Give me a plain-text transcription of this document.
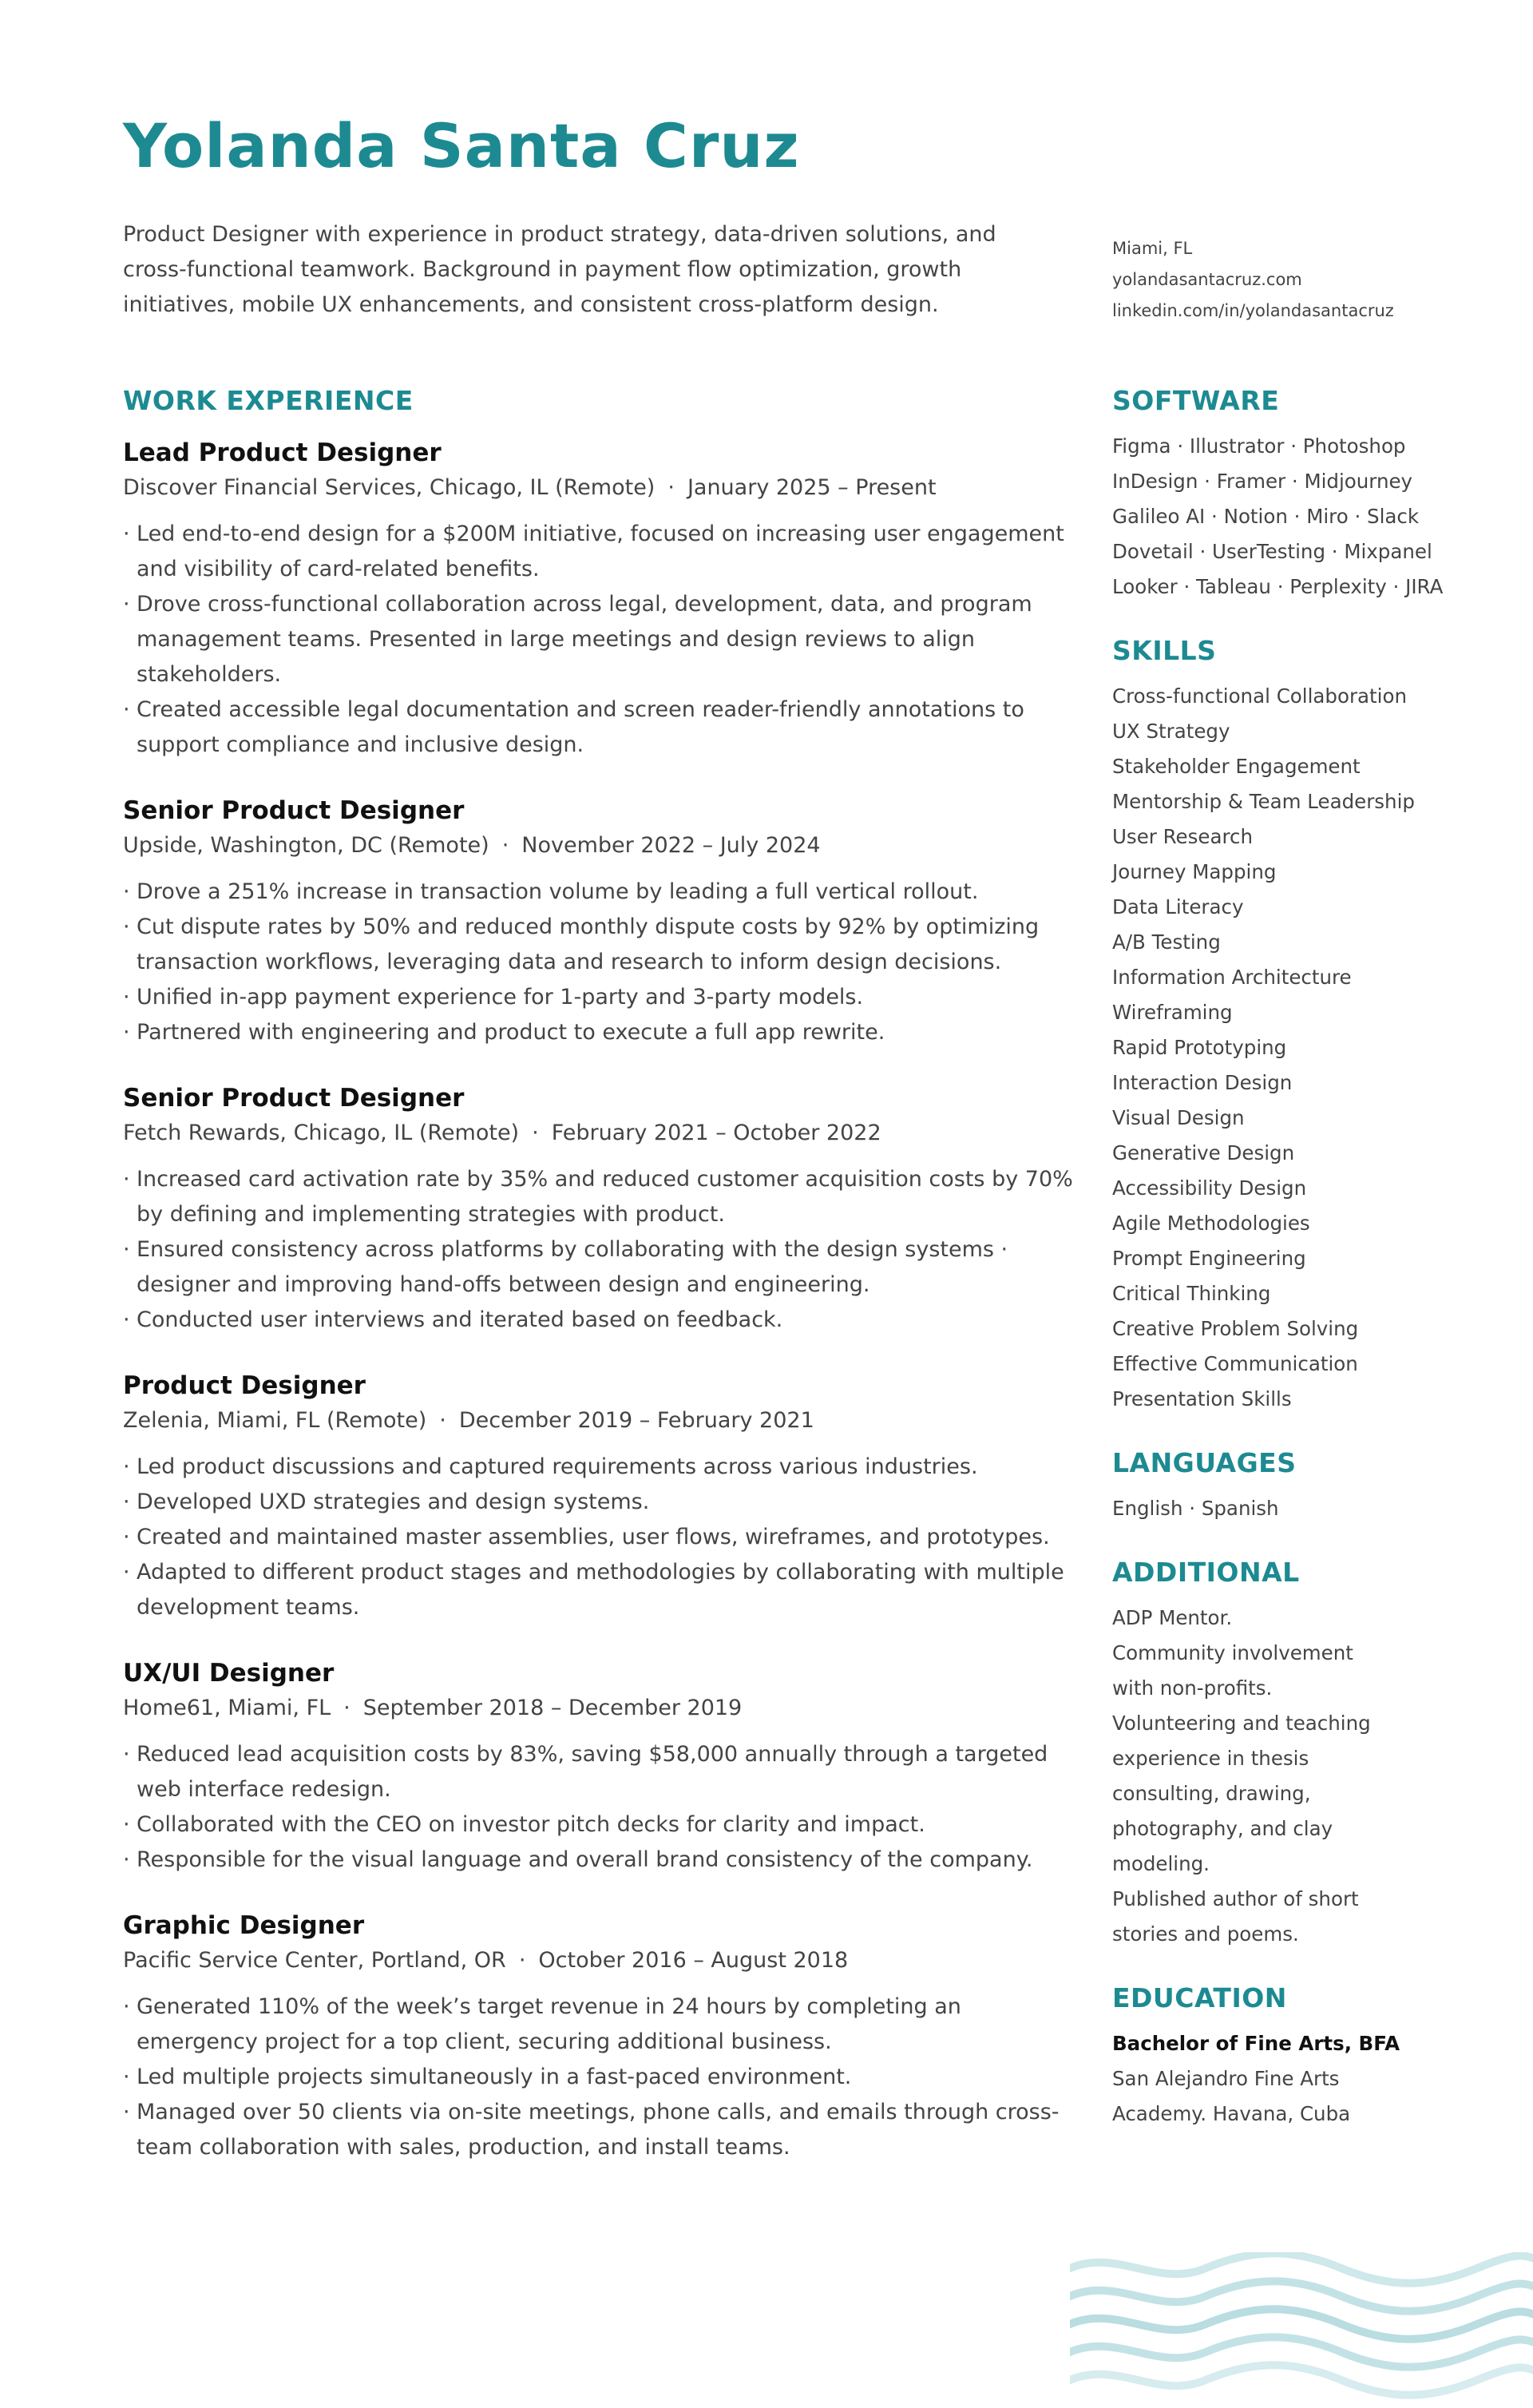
Yolanda Santa Cruz
Product Designer with experience in product strategy, data-driven solutions, and cross-functional teamwork. Background in payment flow optimization, growth initiatives, mobile UX enhancements, and consistent cross-platform design.
Miami, FL
yolandasantacruz.com
linkedin.com/in/yolandasantacruz
WORK EXPERIENCE
Lead Product Designer
Discover Financial Services, Chicago, IL (Remote) · January 2025 – Present
· Led end-to-end design for a $200M initiative, focused on increasing user engagement and visibility of card-related benefits.
· Drove cross-functional collaboration across legal, development, data, and program management teams. Presented in large meetings and design reviews to align stakeholders.
· Created accessible legal documentation and screen reader-friendly annotations to support compliance and inclusive design.
Senior Product Designer
Upside, Washington, DC (Remote) · November 2022 – July 2024
· Drove a 251% increase in transaction volume by leading a full vertical rollout.
· Cut dispute rates by 50% and reduced monthly dispute costs by 92% by optimizing transaction workflows, leveraging data and research to inform design decisions.
· Unified in-app payment experience for 1-party and 3-party models.
· Partnered with engineering and product to execute a full app rewrite.
Senior Product Designer
Fetch Rewards, Chicago, IL (Remote) · February 2021 – October 2022
· Increased card activation rate by 35% and reduced customer acquisition costs by 70% by defining and implementing strategies with product.
· Ensured consistency across platforms by collaborating with the design systems · designer and improving hand-offs between design and engineering.
· Conducted user interviews and iterated based on feedback.
Product Designer
Zelenia, Miami, FL (Remote) · December 2019 – February 2021
· Led product discussions and captured requirements across various industries.
· Developed UXD strategies and design systems.
· Created and maintained master assemblies, user flows, wireframes, and prototypes.
· Adapted to different product stages and methodologies by collaborating with multiple development teams.
UX/UI Designer
Home61, Miami, FL · September 2018 – December 2019
· Reduced lead acquisition costs by 83%, saving $58,000 annually through a targeted web interface redesign.
· Collaborated with the CEO on investor pitch decks for clarity and impact.
· Responsible for the visual language and overall brand consistency of the company.
Graphic Designer
Pacific Service Center, Portland, OR · October 2016 – August 2018
· Generated 110% of the week’s target revenue in 24 hours by completing an emergency project for a top client, securing additional business.
· Led multiple projects simultaneously in a fast-paced environment.
· Managed over 50 clients via on-site meetings, phone calls, and emails through cross-team collaboration with sales, production, and install teams.
SOFTWARE
Figma · Illustrator · Photoshop
InDesign · Framer · Midjourney
Galileo AI · Notion · Miro · Slack
Dovetail · UserTesting · Mixpanel
Looker · Tableau · Perplexity · JIRA
SKILLS
Cross-functional Collaboration
UX Strategy
Stakeholder Engagement
Mentorship & Team Leadership
User Research
Journey Mapping
Data Literacy
A/B Testing
Information Architecture
Wireframing
Rapid Prototyping
Interaction Design
Visual Design
Generative Design
Accessibility Design
Agile Methodologies
Prompt Engineering
Critical Thinking
Creative Problem Solving
Effective Communication
Presentation Skills
LANGUAGES
English · Spanish
ADDITIONAL
ADP Mentor.
Community involvement with non-profits.
Volunteering and teaching experience in thesis consulting, drawing, photography, and clay modeling.
Published author of short stories and poems.
EDUCATION
Bachelor of Fine Arts, BFA
San Alejandro Fine Arts Academy. Havana, Cuba
